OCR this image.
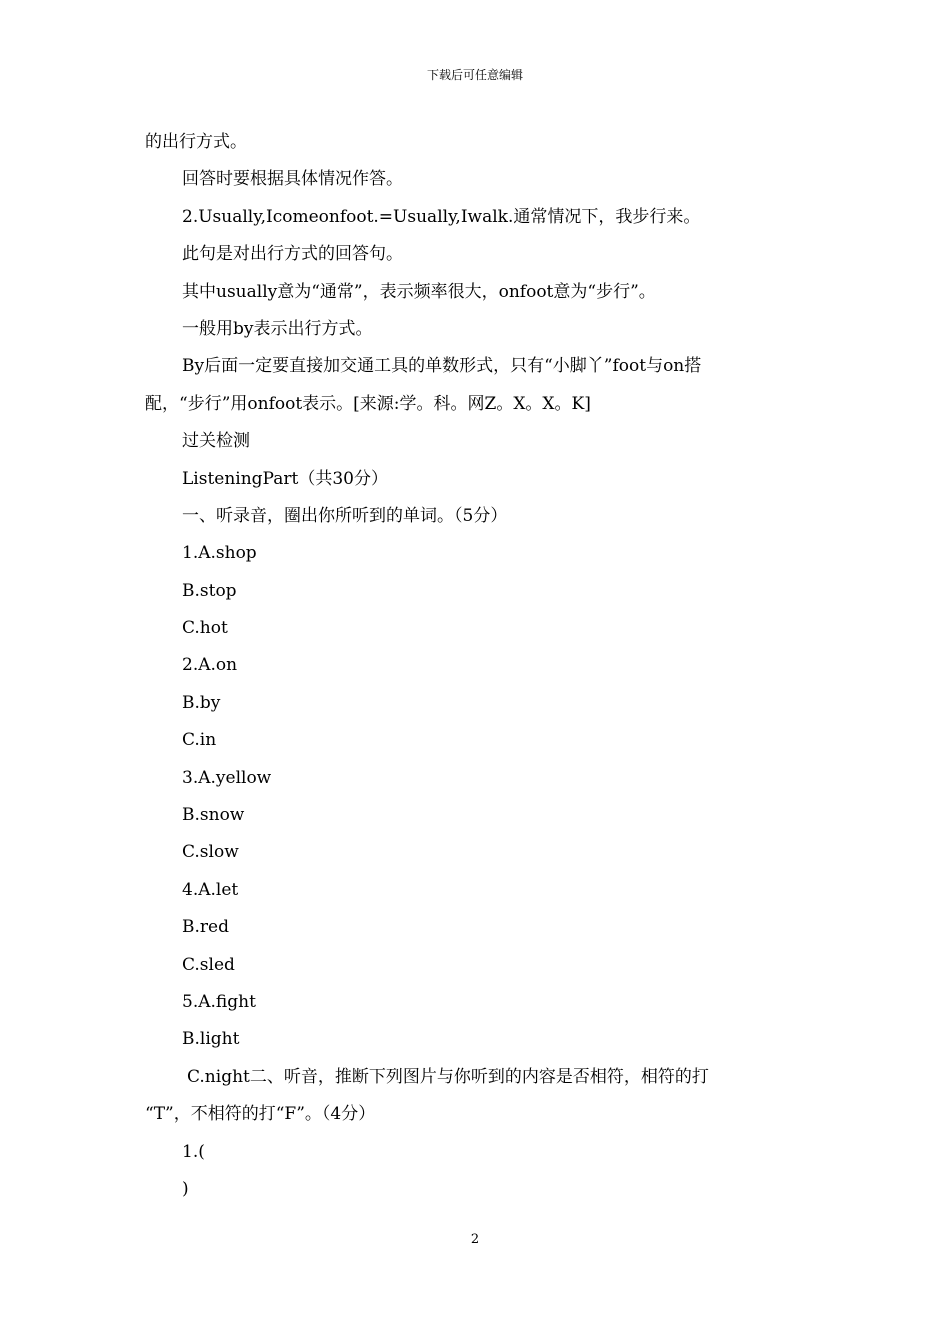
下载后可任意编辑
的出行方式。
回答时要根据具体情况作答。
2.Usually,Icomeonfoot.=Usually,Iwalk.通常情况下，我步行来。
此句是对出行方式的回答句。
其中usually意为“通常”，表示频率很大，onfoot意为“步行”。
一般用by表示出行方式。
By后面一定要直接加交通工具的单数形式，只有“小脚丫”foot与on搭
配，“步行”用onfoot表示。[来源:学。科。网Z。X。X。K]
过关检测
ListeningPart（共30分）
一、听录音，圈出你所听到的单词。（5分）
1.A.shop
B.stop
C.hot
2.A.on
B.by
C.in
3.A.yellow
B.snow
C.slow
4.A.let
B.red
C.sled
5.A.fight
B.light
C.night二、听音，推断下列图片与你听到的内容是否相符，相符的打
“T”，不相符的打“F”。（4分）
1.(
)
2
